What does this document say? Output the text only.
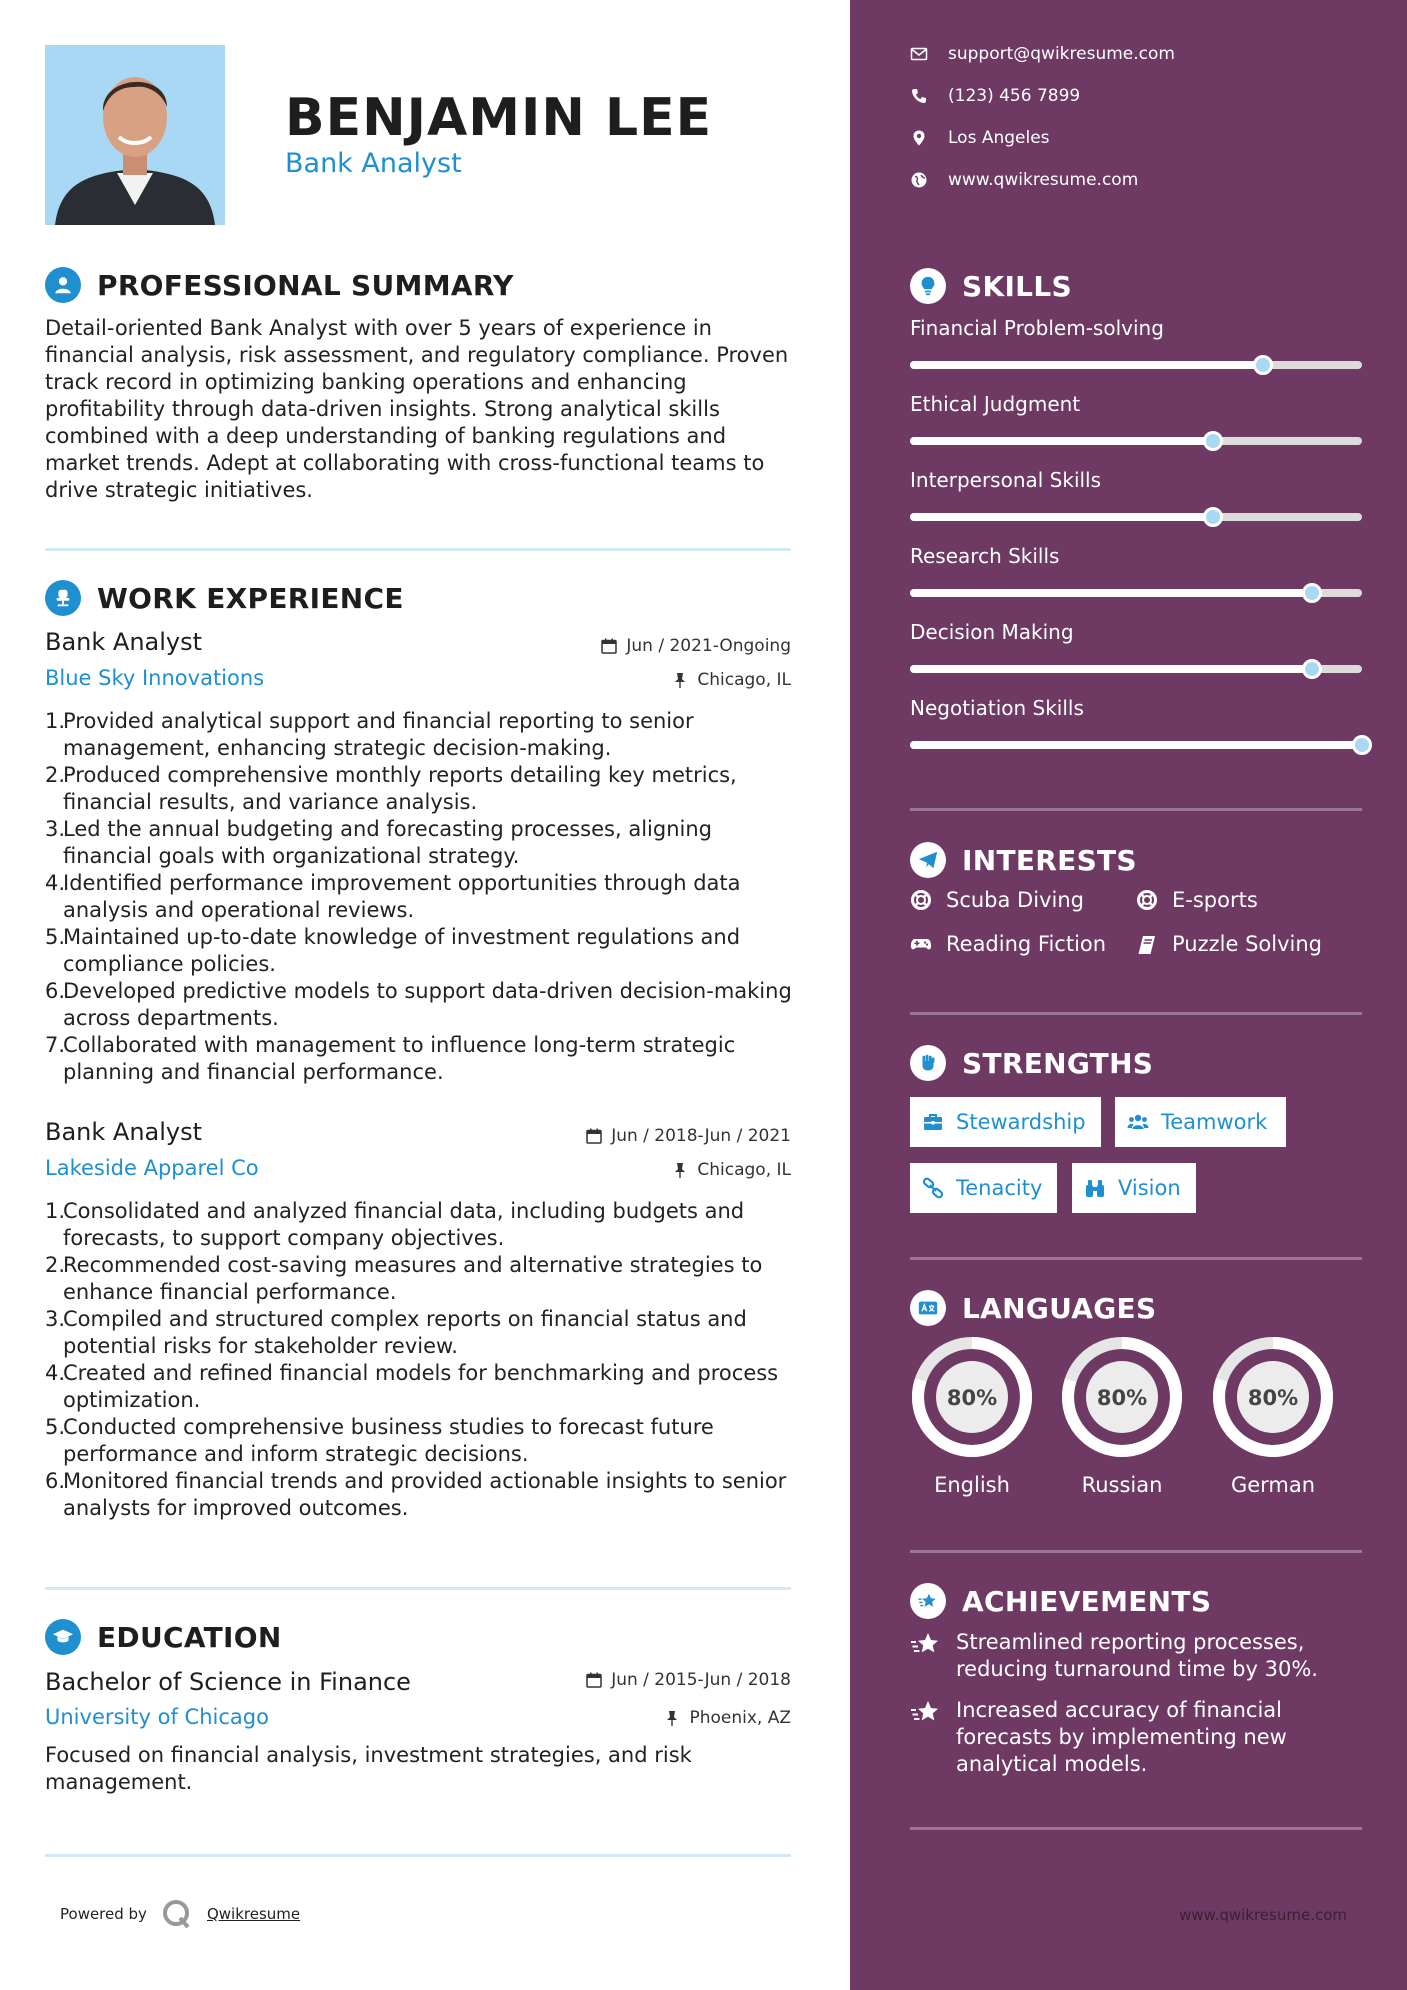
BENJAMIN LEE
Bank Analyst
PROFESSIONAL SUMMARY
Detail-oriented Bank Analyst with over 5 years of experience in financial analysis, risk assessment, and regulatory compliance. Proven track record in optimizing banking operations and enhancing profitability through data-driven insights. Strong analytical skills combined with a deep understanding of banking regulations and market trends. Adept at collaborating with cross-functional teams to drive strategic initiatives.
WORK EXPERIENCE
Bank Analyst	Jun / 2021-Ongoing
Blue Sky Innovations	Chicago, IL
1.
Provided analytical support and financial reporting to senior management, enhancing strategic decision-making.
2.
Produced comprehensive monthly reports detailing key metrics, financial results, and variance analysis.
3.
Led the annual budgeting and forecasting processes, aligning financial goals with organizational strategy.
4.
Identified performance improvement opportunities through data analysis and operational reviews.
5.
Maintained up-to-date knowledge of investment regulations and compliance policies.
6.
Developed predictive models to support data-driven decision-making across departments.
7.
Collaborated with management to influence long-term strategic planning and financial performance.
Bank Analyst	Jun / 2018-Jun / 2021
Lakeside Apparel Co	Chicago, IL
1.
Consolidated and analyzed financial data, including budgets and forecasts, to support company objectives.
2.
Recommended cost-saving measures and alternative strategies to enhance financial performance.
3.
Compiled and structured complex reports on financial status and potential risks for stakeholder review.
4.
Created and refined financial models for benchmarking and process optimization.
5.
Conducted comprehensive business studies to forecast future performance and inform strategic decisions.
6.
Monitored financial trends and provided actionable insights to senior analysts for improved outcomes.
EDUCATION
Bachelor of Science in Finance	Jun / 2015-Jun / 2018
University of Chicago	Phoenix, AZ
Focused on financial analysis, investment strategies, and risk management.
Powered by	Qwikresume
support@qwikresume.com
(123) 456 7899
Los Angeles
www.qwikresume.com
SKILLS
Financial Problem-solving
Ethical Judgment
Interpersonal Skills
Research Skills
Decision Making
Negotiation Skills
INTERESTS
Scuba Diving	E-sports
Reading Fiction	Puzzle Solving
STRENGTHS
Stewardship	Teamwork
Tenacity	Vision
LANGUAGES
80%
English
80%
Russian
80%
German
ACHIEVEMENTS
Streamlined reporting processes, reducing turnaround time by 30%.
Increased accuracy of financial forecasts by implementing new analytical models.
www.qwikresume.com
